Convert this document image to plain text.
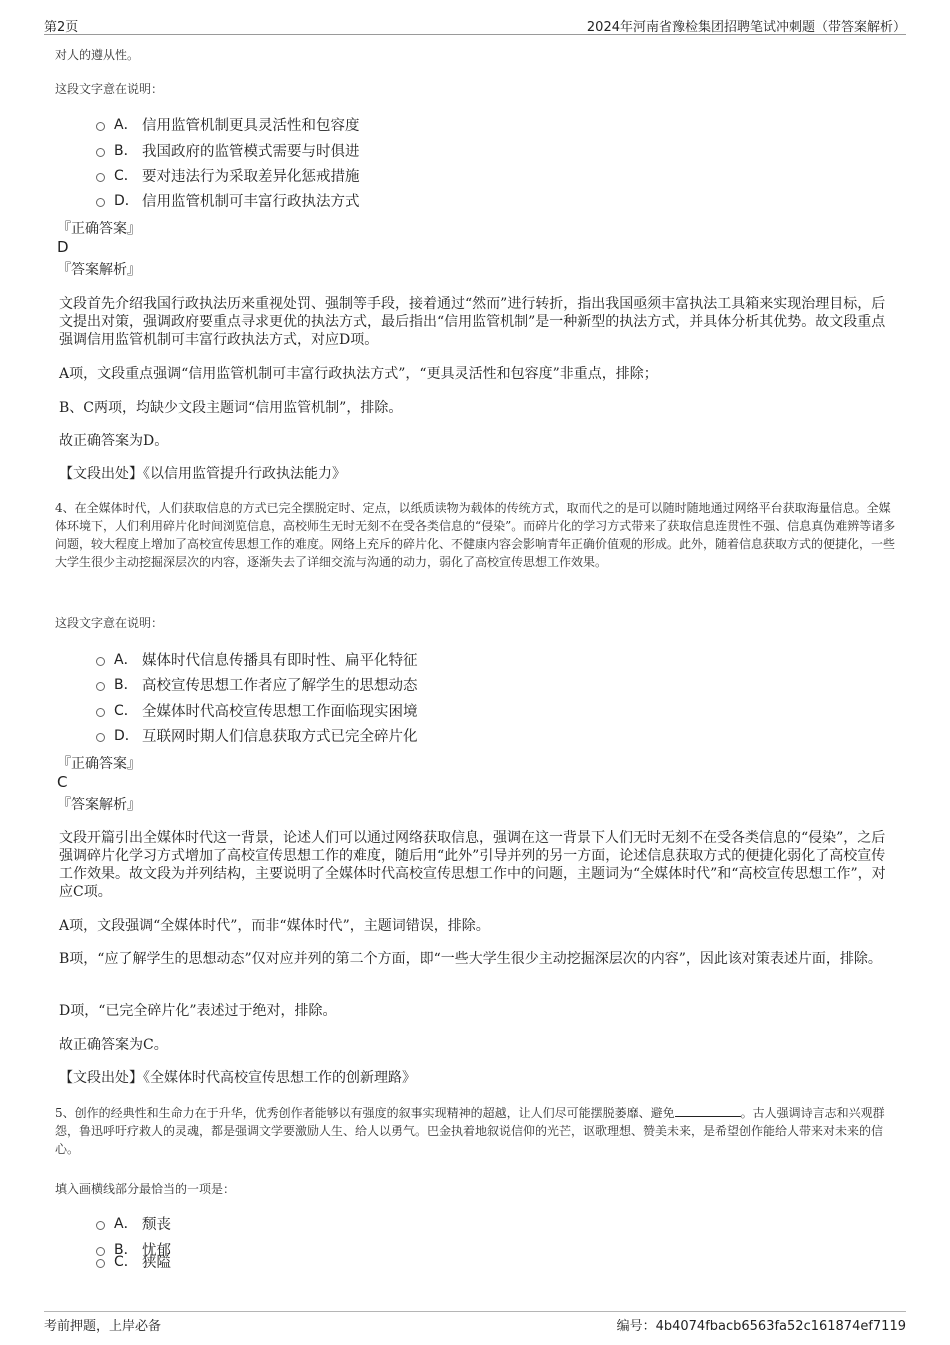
第2页	2024年河南省豫检集团招聘笔试冲刺题（带答案解析）
对人的遵从性。
这段文字意在说明：
A． 信用监管机制更具灵活性和包容度
B． 我国政府的监管模式需要与时俱进
C． 要对违法行为采取差异化惩戒措施
D． 信用监管机制可丰富行政执法方式
『正确答案』
D
『答案解析』
文段首先介绍我国行政执法历来重视处罚、强制等手段，接着通过“然而”进行转折，指出我国亟须丰富执法工具箱来实现治理目标，后文提出对策，强调政府要重点寻求更优的执法方式，最后指出“信用监管机制”是一种新型的执法方式，并具体分析其优势。故文段重点强调信用监管机制可丰富行政执法方式，对应D项。
A项，文段重点强调“信用监管机制可丰富行政执法方式”，“更具灵活性和包容度”非重点，排除；
B、C两项，均缺少文段主题词“信用监管机制”，排除。
故正确答案为D。
【文段出处】《以信用监管提升行政执法能力》
4、在全媒体时代，人们获取信息的方式已完全摆脱定时、定点，以纸质读物为载体的传统方式，取而代之的是可以随时随地通过网络平台获取海量信息。全媒体环境下，人们利用碎片化时间浏览信息，高校师生无时无刻不在受各类信息的“侵染”。而碎片化的学习方式带来了获取信息连贯性不强、信息真伪难辨等诸多问题，较大程度上增加了高校宣传思想工作的难度。网络上充斥的碎片化、不健康内容会影响青年正确价值观的形成。此外，随着信息获取方式的便捷化，一些大学生很少主动挖掘深层次的内容，逐渐失去了详细交流与沟通的动力，弱化了高校宣传思想工作效果。
这段文字意在说明：
A． 媒体时代信息传播具有即时性、扁平化特征
B． 高校宣传思想工作者应了解学生的思想动态
C． 全媒体时代高校宣传思想工作面临现实困境
D． 互联网时期人们信息获取方式已完全碎片化
『正确答案』
C
『答案解析』
文段开篇引出全媒体时代这一背景，论述人们可以通过网络获取信息，强调在这一背景下人们无时无刻不在受各类信息的“侵染”，之后强调碎片化学习方式增加了高校宣传思想工作的难度，随后用“此外”引导并列的另一方面，论述信息获取方式的便捷化弱化了高校宣传工作效果。故文段为并列结构，主要说明了全媒体时代高校宣传思想工作中的问题，主题词为“全媒体时代”和“高校宣传思想工作”，对应C项。
A项，文段强调“全媒体时代”，而非“媒体时代”，主题词错误，排除。
B项，“应了解学生的思想动态”仅对应并列的第二个方面，即“一些大学生很少主动挖掘深层次的内容”，因此该对策表述片面，排除。
D项，“已完全碎片化”表述过于绝对，排除。
故正确答案为C。
【文段出处】《全媒体时代高校宣传思想工作的创新理路》
5、创作的经典性和生命力在于升华，优秀创作者能够以有强度的叙事实现精神的超越，让人们尽可能摆脱萎靡、避免	。古人强调诗言志和兴观群怨，鲁迅呼吁疗救人的灵魂，都是强调文学要激励人生、给人以勇气。巴金执着地叙说信仰的光芒，讴歌理想、赞美未来，是希望创作能给人带来对未来的信心。
填入画横线部分最恰当的一项是：
A． 颓丧
B． 忧郁
C． 狭隘
考前押题，上岸必备	编号：4b4074fbacb6563fa52c161874ef7119
